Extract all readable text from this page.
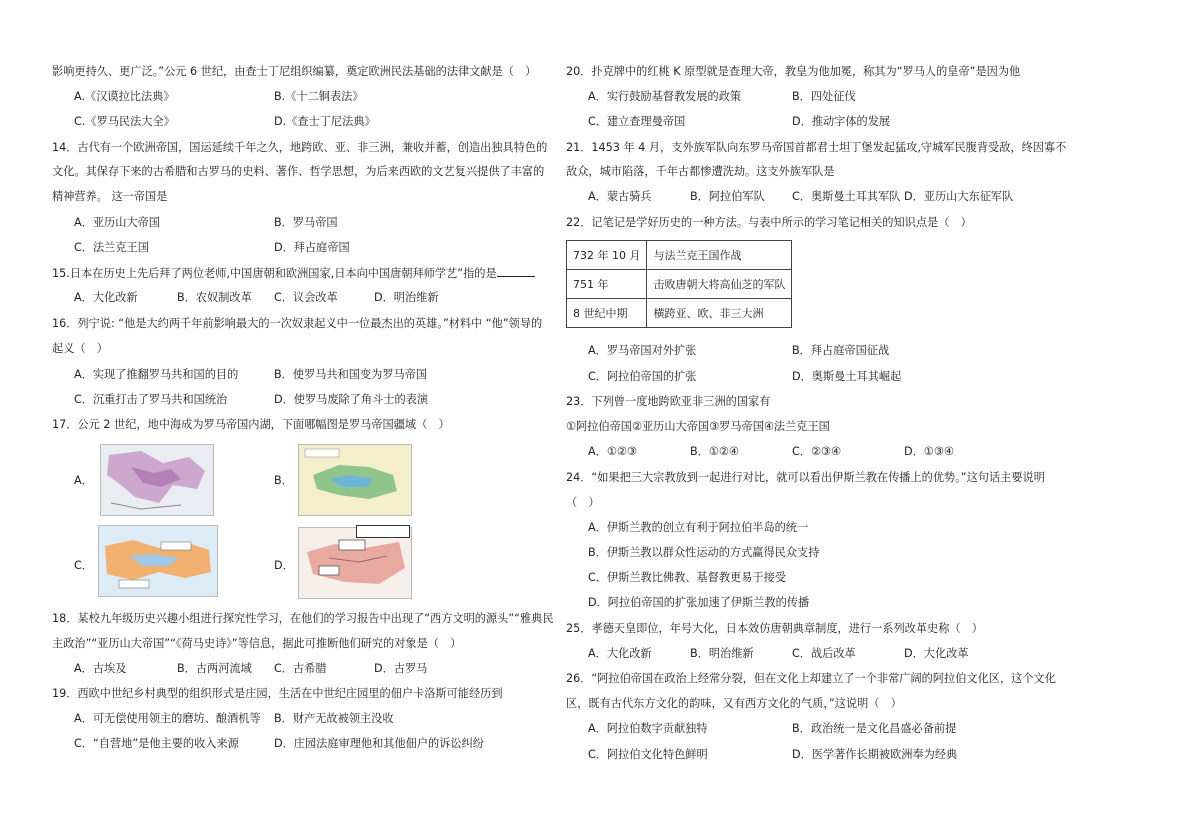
影响更持久、更广泛。”公元 6 世纪，由查士丁尼组织编纂，奠定欧洲民法基础的法律文献是（　）
A.《汉谟拉比法典》	B.《十二铜表法》
C.《罗马民法大全》	D.《查士丁尼法典》
14．古代有一个欧洲帝国，国运延续千年之久，地跨欧、亚、非三洲，兼收并蓄，创造出独具特色的
文化。其保存下来的古希腊和古罗马的史料、著作、哲学思想，为后来西欧的文艺复兴提供了丰富的
精神营养。 这一帝国是
A．亚历山大帝国	B．罗马帝国
C．法兰克王国	D．拜占庭帝国
15.日本在历史上先后拜了两位老师,中国唐朝和欧洲国家,日本向中国唐朝拜师学艺”指的是
A．大化改新	B．农奴制改革 C．议会改革	D．明治维新
16．列宁说: “他是大约两千年前影响最大的一次奴隶起义中一位最杰出的英雄。”材料中 “他”领导的
起义（　）
A．实现了推翻罗马共和国的目的	B．使罗马共和国变为罗马帝国
C．沉重打击了罗马共和国统治	D．使罗马废除了角斗士的表演
17．公元 2 世纪，地中海成为罗马帝国内湖，下面哪幅图是罗马帝国疆域（　）
A．	B．
C．	D．
18．某校九年级历史兴趣小组进行探究性学习，在他们的学习报告中出现了“西方文明的源头”“雅典民
主政治”“亚历山大帝国”“《荷马史诗》”等信息，据此可推断他们研究的对象是（　）
A．古埃及	B．古两河流域 C．古希腊	D．古罗马
19．西欧中世纪乡村典型的组织形式是庄园，生活在中世纪庄园里的佃户卡洛斯可能经历到
A．可无偿使用领主的磨坊、酿酒机等 B．财产无故被领主没收
C．“自营地”是他主要的收入来源	D．庄园法庭审理他和其他佃户的诉讼纠纷
20．扑克牌中的红桃 K 原型就是查理大帝，教皇为他加冕，称其为“罗马人的皇帝”是因为他
A．实行鼓励基督教发展的政策	B．四处征伐
C．建立查理曼帝国	D．推动字体的发展
21．1453 年 4 月，支外族军队向东罗马帝国首都君士坦丁堡发起猛攻,守城军民腹背受敌，终因寡不
敌众，城市陷落，千年古都惨遭洗劫。这支外族军队是
A．蒙古骑兵	B．阿拉伯军队 C．奥斯曼土耳其军队 D．亚历山大东征军队
22．记笔记是学好历史的一种方法。与表中所示的学习笔记相关的知识点是（　）
732 年 10 月	与法兰克王国作战
751 年	击败唐朝大将高仙芝的军队
8 世纪中期	横跨亚、欧、非三大洲
A．罗马帝国对外扩张	B．拜占庭帝国征战
C．阿拉伯帝国的扩张	D．奥斯曼土耳其崛起
23．下列曾一度地跨欧亚非三洲的国家有
①阿拉伯帝国②亚历山大帝国③罗马帝国④法兰克王国
A．①②③	B．①②④	C．②③④	D．①③④
24．“如果把三大宗教放到一起进行对比，就可以看出伊斯兰教在传播上的优势。”这句话主要说明
（　）
A．伊斯兰教的创立有利于阿拉伯半岛的统一
B．伊斯兰教以群众性运动的方式赢得民众支持
C．伊斯兰教比佛教、基督教更易于接受
D．阿拉伯帝国的扩张加速了伊斯兰教的传播
25．孝德天皇即位，年号大化，日本效仿唐朝典章制度，进行一系列改革史称（　）
A．大化改新	B．明治维新	C．战后改革	D．大化改革
26．“阿拉伯帝国在政治上经常分裂，但在文化上却建立了一个非常广阔的阿拉伯文化区，这个文化
区，既有古代东方文化的韵味，又有西方文化的气质，”这说明（　）
A．阿拉伯数字贡献独特	B．政治统一是文化昌盛必备前提
C．阿拉伯文化特色鲜明	D．医学著作长期被欧洲奉为经典
